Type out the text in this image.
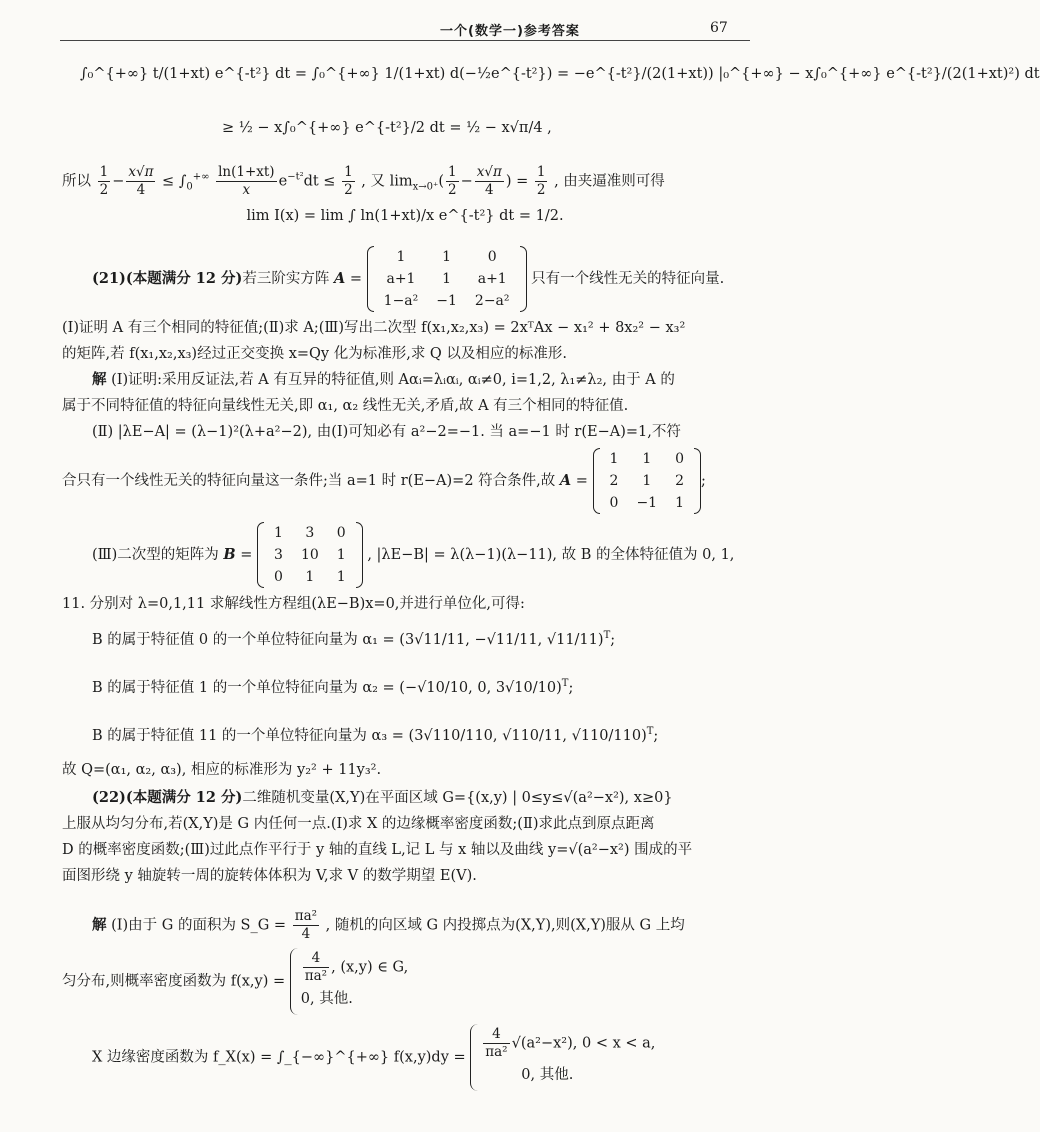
一个(数学一)参考答案	67
∫₀^{+∞} t/(1+xt) e^{-t²} dt = ∫₀^{+∞} 1/(1+xt) d(−½e^{-t²}) = −e^{-t²}/(2(1+xt)) |₀^{+∞} − x∫₀^{+∞} e^{-t²}/(2(1+xt)²) dt
≥ ½ − x∫₀^{+∞} e^{-t²}/2 dt = ½ − x√π/4 ,
所以 $\frac{1}{2} - \frac{x√\pi}{4} \le \int_0^{+\infty} \frac{\ln(1+xt)}{x} e^{-t^2}dt \le \frac{1}{2}$ , 又 $\lim_{x\to 0^+}( \frac{1}{2} - \frac{x√\pi}{4}$ ) = $\frac{1}{2}$ , 由夹逼准则可得
lim I(x) = lim ∫ ln(1+xt)/x e^{-t²} dt = 1/2.
(21)(本题满分 12 分)若三阶实方阵 A =
1	1	0
a+1	1	a+1
1−a²	−1	2−a²
只有一个线性无关的特征向量.
(Ⅰ)证明 A 有三个相同的特征值;(Ⅱ)求 A;(Ⅲ)写出二次型 f(x₁,x₂,x₃) = 2xᵀAx − x₁² + 8x₂² − x₃²
的矩阵,若 f(x₁,x₂,x₃)经过正交变换 x=Qy 化为标准形,求 Q 以及相应的标准形.
解 (Ⅰ)证明:采用反证法,若 A 有互异的特征值,则 Aαᵢ=λᵢαᵢ, αᵢ≠0, i=1,2, λ₁≠λ₂, 由于 A 的
属于不同特征值的特征向量线性无关,即 α₁, α₂ 线性无关,矛盾,故 A 有三个相同的特征值.
(Ⅱ) |λE−A| = (λ−1)²(λ+a²−2), 由(Ⅰ)可知必有 a²−2=−1. 当 a=−1 时 r(E−A)=1,不符
合只有一个线性无关的特征向量这一条件;当 a=1 时 r(E−A)=2 符合条件,故 A =
1	1	0
2	1	2
0	−1	1
;
(Ⅲ)二次型的矩阵为 B =
1	3	0
3	10	1
0	1	1
, |λE−B| = λ(λ−1)(λ−11), 故 B 的全体特征值为 0, 1,
11. 分别对 λ=0,1,11 求解线性方程组(λE−B)x=0,并进行单位化,可得:
B 的属于特征值 0 的一个单位特征向量为 α₁ = (3√11/11, −√11/11, √11/11)$^T$;
B 的属于特征值 1 的一个单位特征向量为 α₂ = (−√10/10, 0, 3√10/10)$^T$;
B 的属于特征值 11 的一个单位特征向量为 α₃ = (3√110/110, √110/11, √110/110)$^T$;
故 Q=(α₁, α₂, α₃), 相应的标准形为 y₂² + 11y₃².
(22)(本题满分 12 分)二维随机变量(X,Y)在平面区域 G={(x,y) | 0≤y≤√(a²−x²), x≥0}
上服从均匀分布,若(X,Y)是 G 内任何一点.(Ⅰ)求 X 的边缘概率密度函数;(Ⅱ)求此点到原点距离
D 的概率密度函数;(Ⅲ)过此点作平行于 y 轴的直线 L,记 L 与 x 轴以及曲线 y=√(a²−x²) 围成的平
面图形绕 y 轴旋转一周的旋转体体积为 V,求 V 的数学期望 E(V).
解 (Ⅰ)由于 G 的面积为 S_G = $\frac{\text{πa²}}{4}$ , 随机的向区域 G 内投掷点为(X,Y),则(X,Y)服从 G 上均
匀分布,则概率密度函数为 $f(x,y) = \frac{4}{\text{πa²}}$ , (x,y) ∈ G,
0, 其他.
X 边缘密度函数为 f_X(x) = ∫_{−∞}^{+∞} $f(x,y)dy = \frac{4}{\text{πa²}} √(a^2-x^2)$, 0 < x < a,
0, 其他.
